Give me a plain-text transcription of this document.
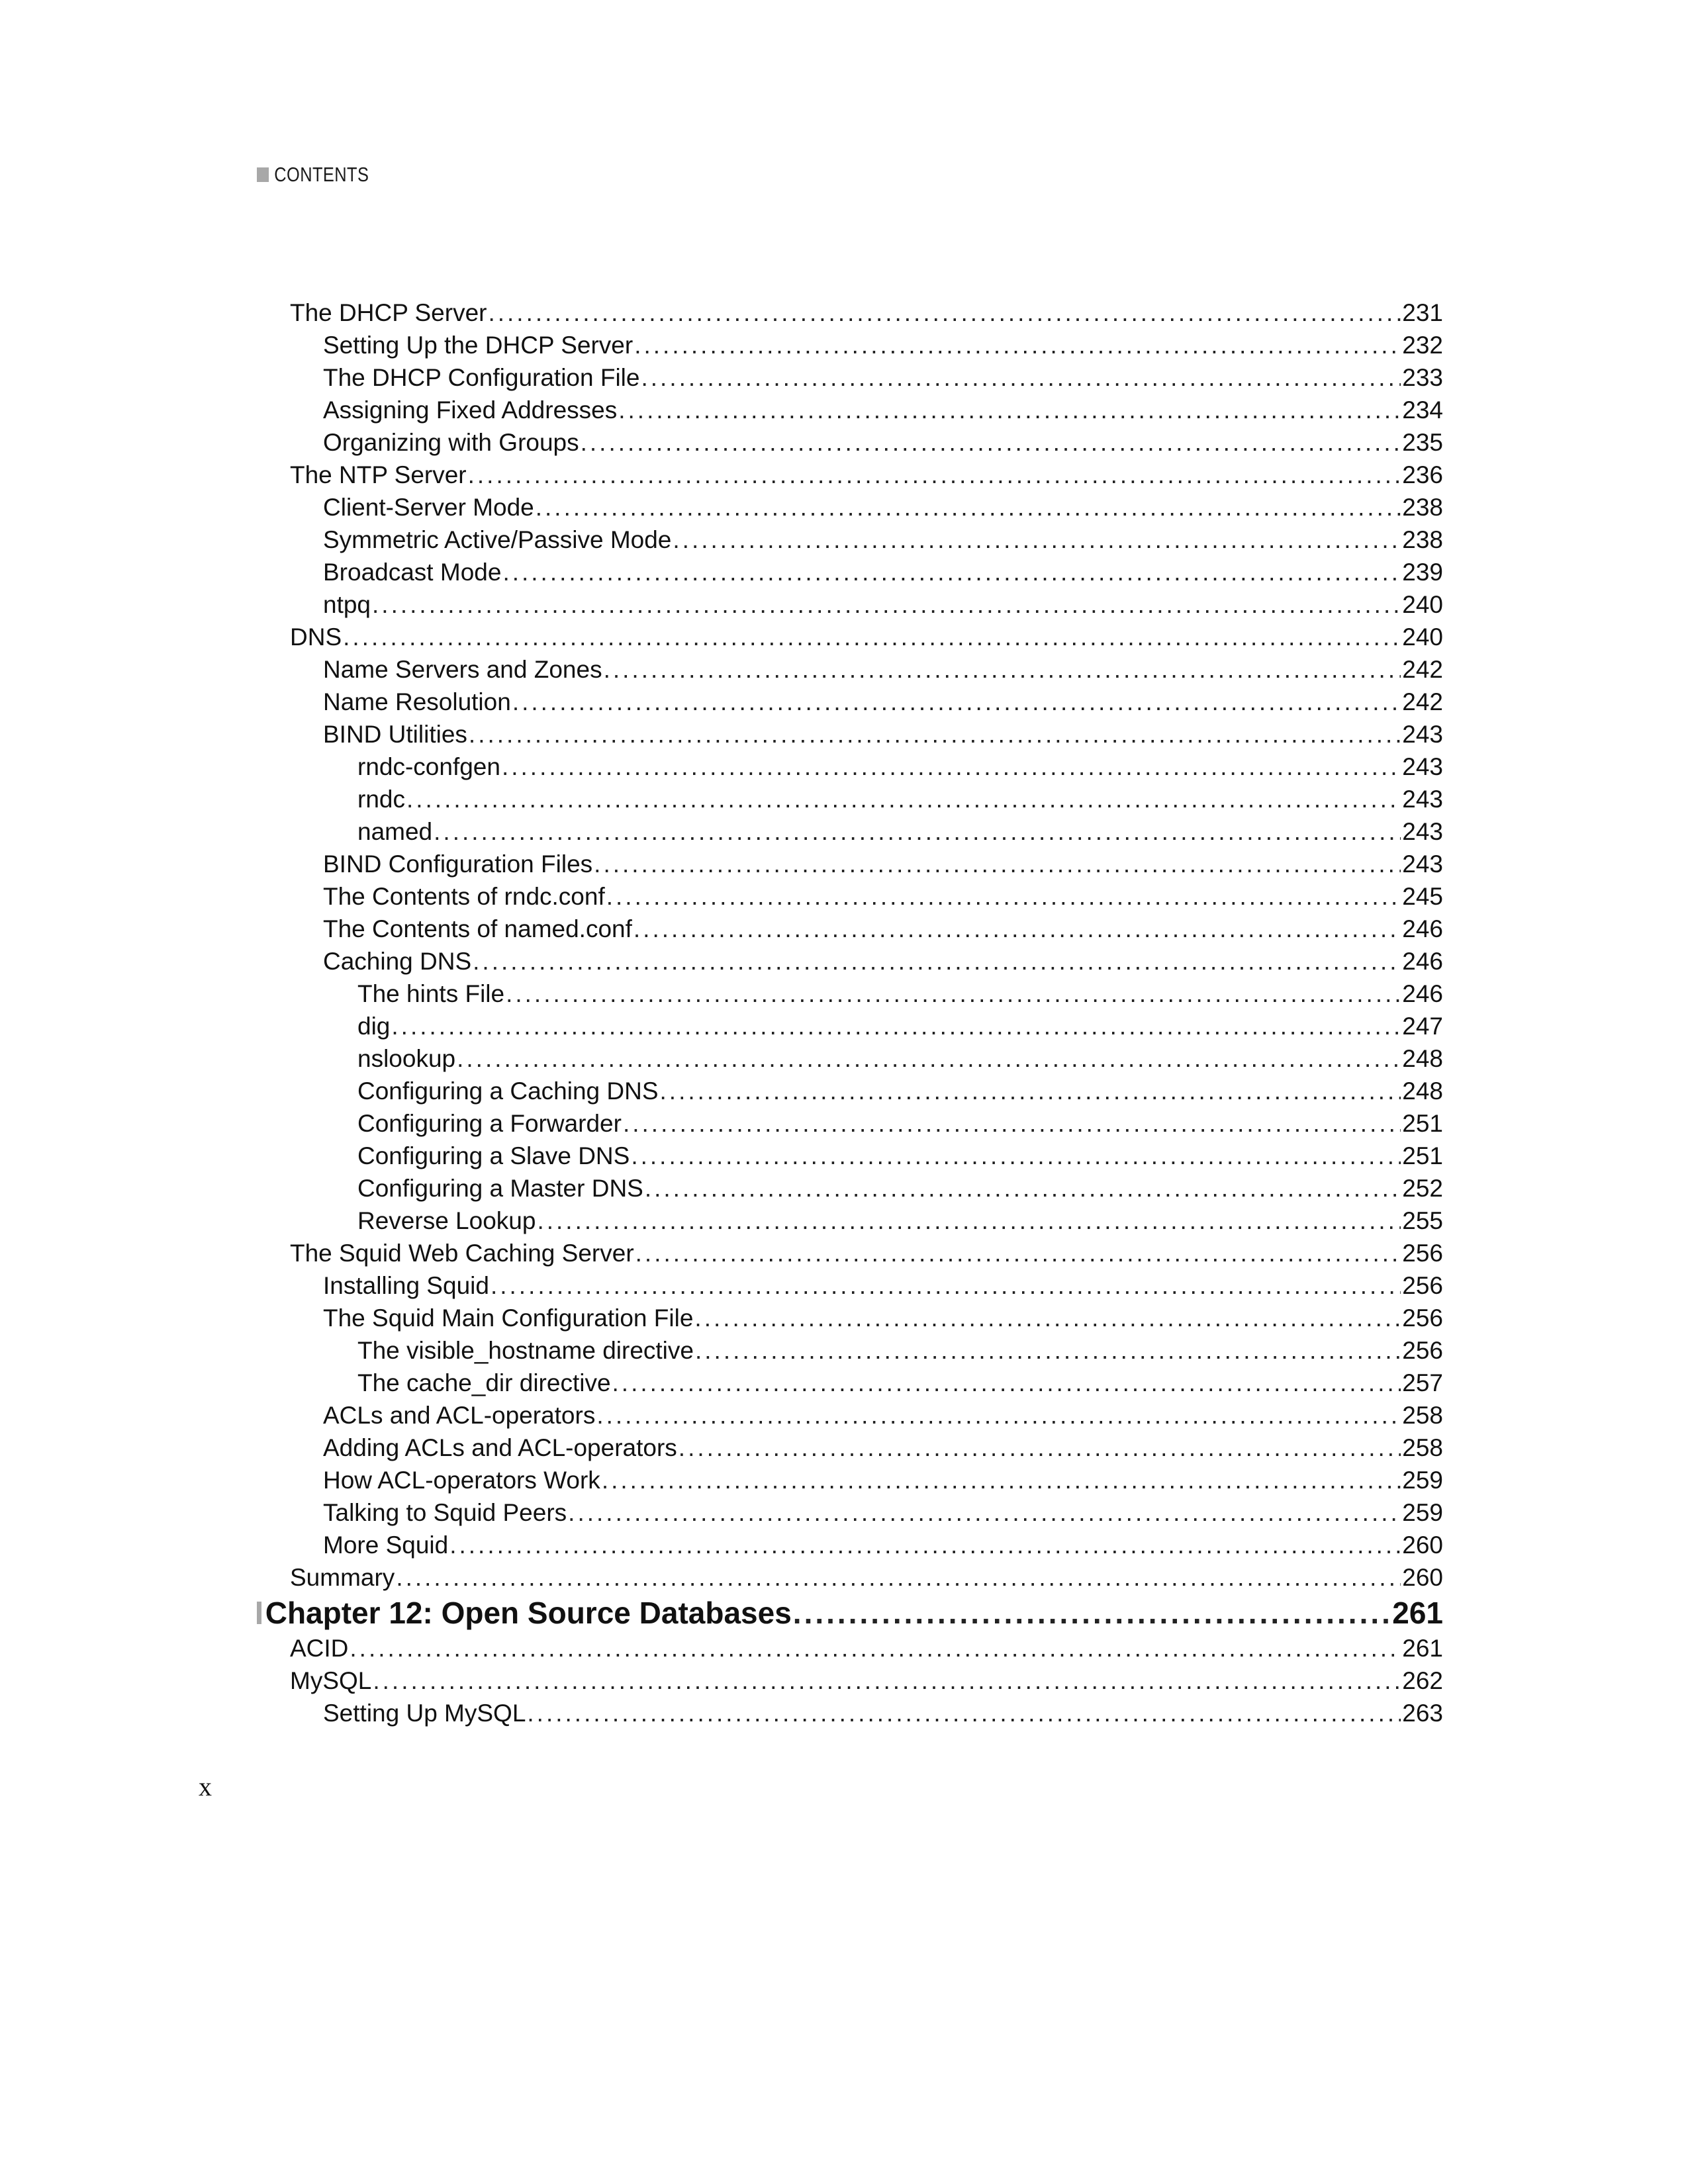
CONTENTS
The DHCP Server .....	231
Setting Up the DHCP Server .....	232
The DHCP Configuration File .....	233
Assigning Fixed Addresses .....	234
Organizing with Groups .....	235
The NTP Server .....	236
Client-Server Mode .....	238
Symmetric Active/Passive Mode .....	238
Broadcast Mode .....	239
ntpq .....	240
DNS .....	240
Name Servers and Zones .....	242
Name Resolution .....	242
BIND Utilities .....	243
rndc-confgen .....	243
rndc .....	243
named .....	243
BIND Configuration Files .....	243
The Contents of rndc.conf .....	245
The Contents of named.conf .....	246
Caching DNS .....	246
The hints File .....	246
dig .....	247
nslookup .....	248
Configuring a Caching DNS .....	248
Configuring a Forwarder .....	251
Configuring a Slave DNS .....	251
Configuring a Master DNS .....	252
Reverse Lookup .....	255
The Squid Web Caching Server .....	256
Installing Squid .....	256
The Squid Main Configuration File .....	256
The visible_hostname directive .....	256
The cache_dir directive .....	257
ACLs and ACL-operators .....	258
Adding ACLs and ACL-operators .....	258
How ACL-operators Work .....	259
Talking to Squid Peers .....	259
More Squid .....	260
Summary .....	260
Chapter 12: Open Source Databases .....	261
ACID .....	261
MySQL .....	262
Setting Up MySQL .....	263
x
